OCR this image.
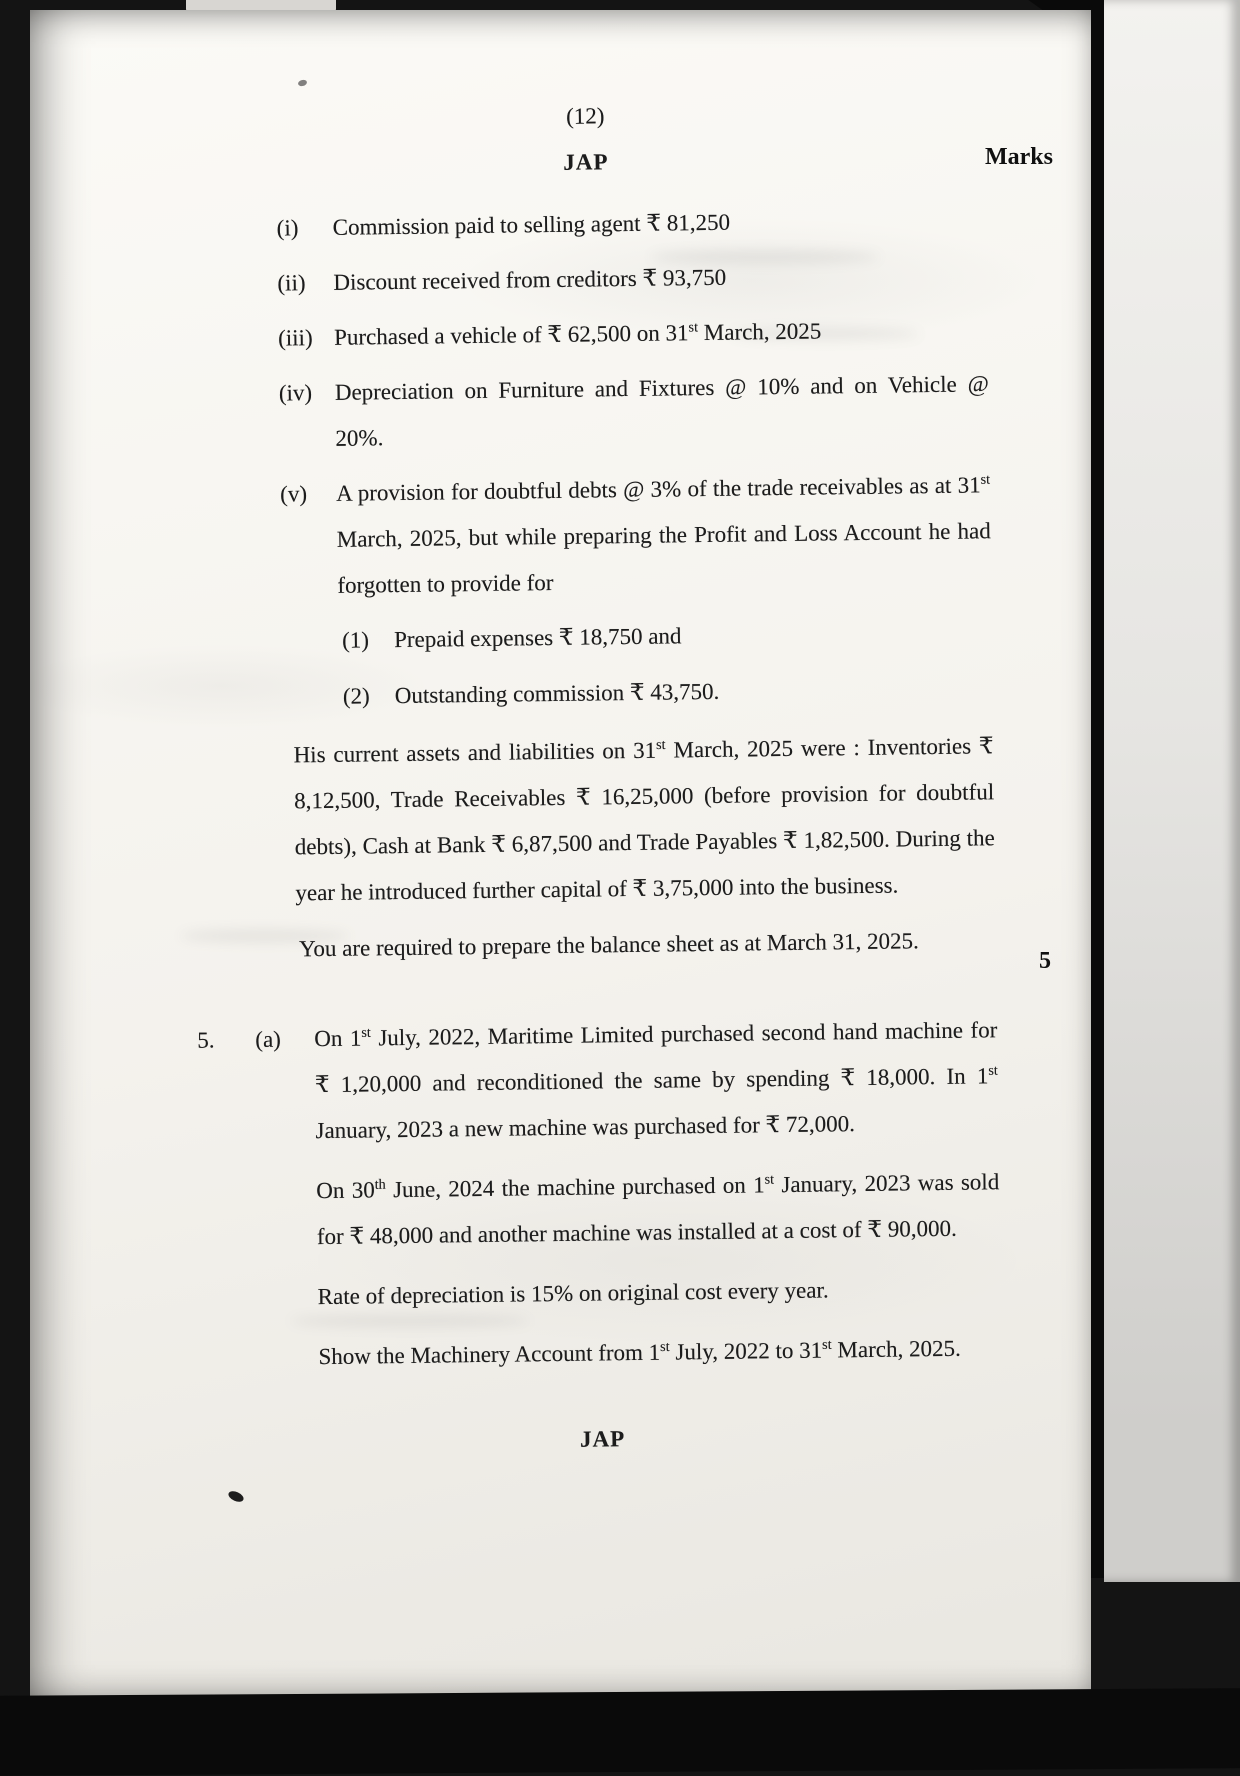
Marks
5
(12)
JAP
(i)	Commission paid to selling agent ₹ 81,250
(ii)	Discount received from creditors ₹ 93,750
(iii) Purchased a vehicle of ₹ 62,500 on 31st March, 2025
(iv) Depreciation on Furniture and Fixtures @ 10% and on Vehicle @ 20%.
(v)	A provision for doubtful debts @ 3% of the trade receivables as at 31st March, 2025, but while preparing the Profit and Loss Account he had forgotten to provide for
(1)	Prepaid expenses ₹ 18,750 and
(2)	Outstanding commission ₹ 43,750.

His current assets and liabilities on 31st March, 2025 were : Inventories ₹ 8,12,500, Trade Receivables ₹ 16,25,000 (before provision for doubtful debts), Cash at Bank ₹ 6,87,500 and Trade Payables ₹ 1,82,500. During the year he introduced further capital of ₹ 3,75,000 into the business.

You are required to prepare the balance sheet as at March 31, 2025.

5.	(a)	On 1st July, 2022, Maritime Limited purchased second hand machine for ₹ 1,20,000 and reconditioned the same by spending ₹ 18,000. In 1st January, 2023 a new machine was purchased for ₹ 72,000.

On 30th June, 2024 the machine purchased on 1st January, 2023 was sold for ₹ 48,000 and another machine was installed at a cost of ₹ 90,000.

Rate of depreciation is 15% on original cost every year.

Show the Machinery Account from 1st July, 2022 to 31st March, 2025.

JAP
